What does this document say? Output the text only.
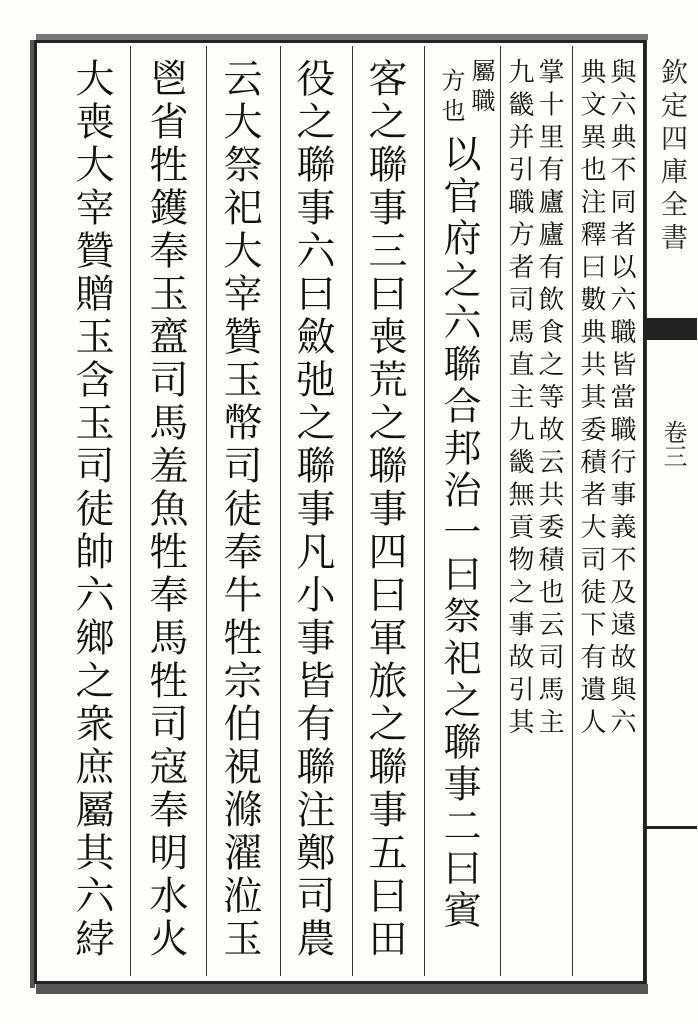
與六典不同者以六職皆當職行事義不及遠故與六
典文異也注釋曰數典共其委積者大司徒下有遺人
掌十里有廬廬有飲食之等故云共委積也云司馬主
九畿并引職方者司馬直主九畿無貢物之事故引其
屬職
方也
以官府之六聯合邦治一曰祭祀之聯事二曰賓
客之聯事三曰喪荒之聯事四曰軍旅之聯事五曰田
役之聯事六曰斂弛之聯事凡小事皆有聯注鄭司農
云大祭祀大宰贊玉幣司徒奉牛牲宗伯視滌濯涖玉
鬯省牲鑊奉玉齍司馬羞魚牲奉馬牲司寇奉明水火
大喪大宰贊贈玉含玉司徒帥六鄉之衆庶屬其六綍	欽定四庫全書
卷三
